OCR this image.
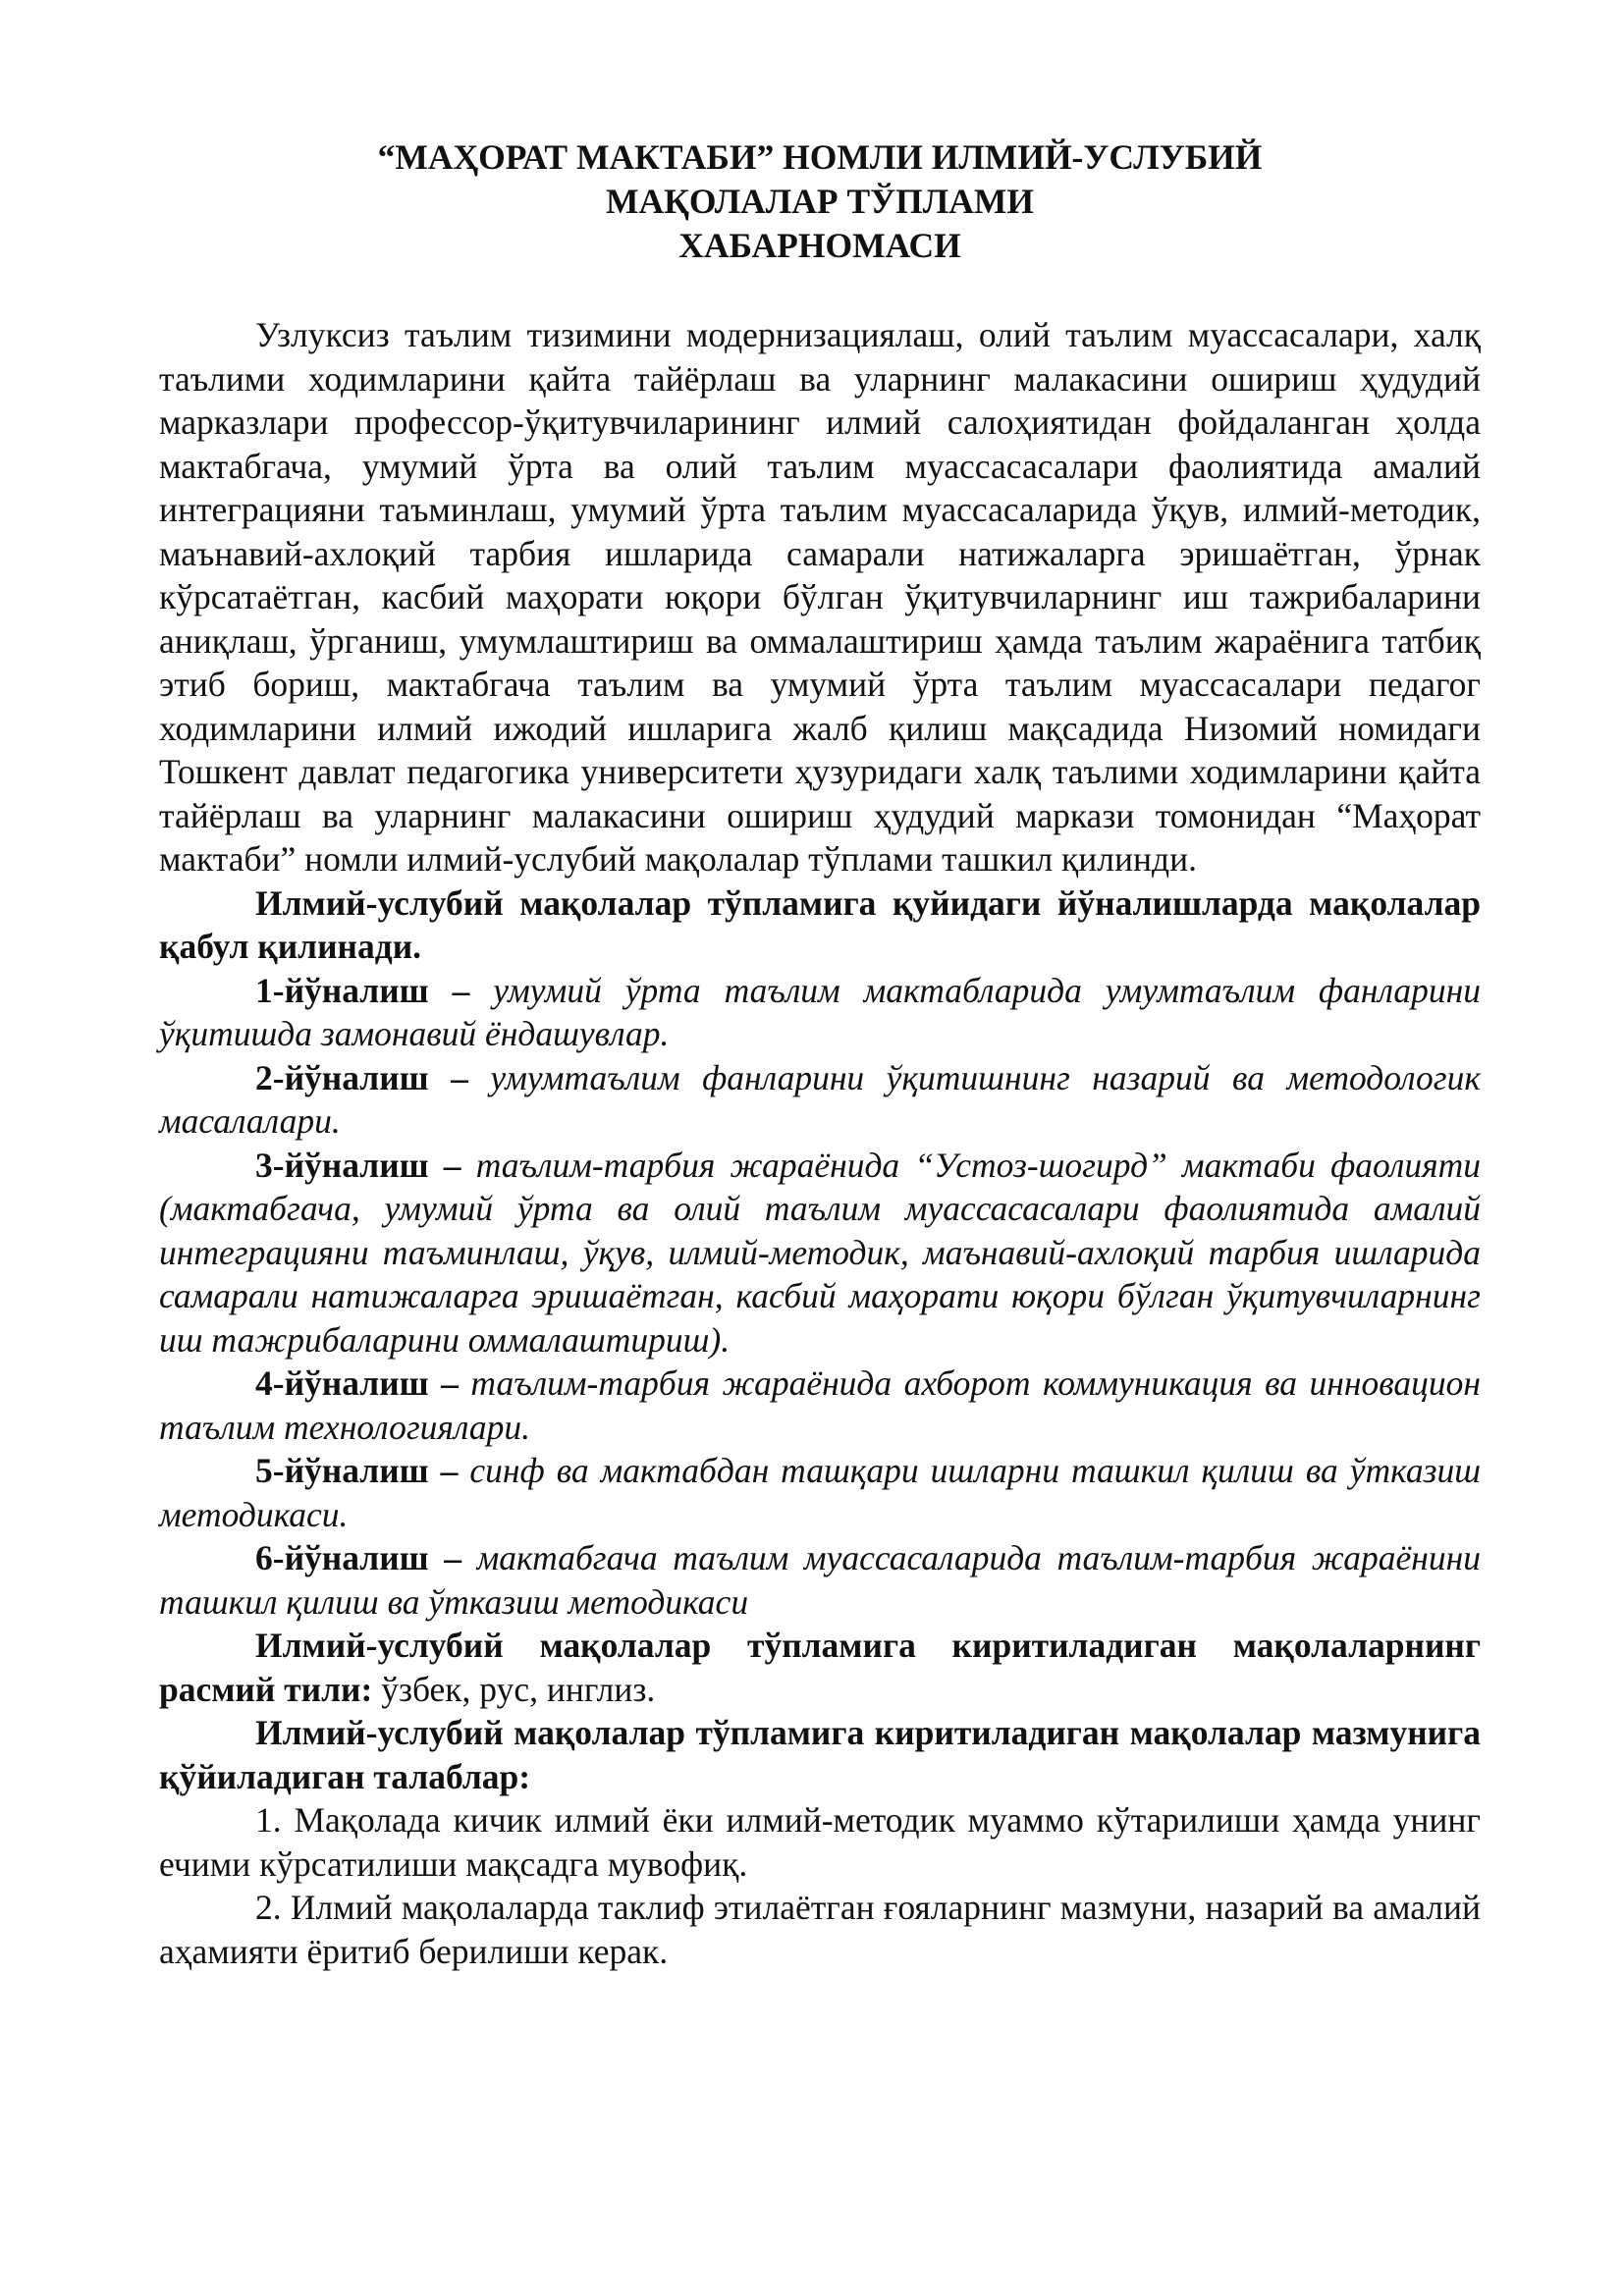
“МАҲОРАТ МАКТАБИ” НОМЛИ ИЛМИЙ-УСЛУБИЙ
МАҚОЛАЛАР ТЎПЛАМИ
ХАБАРНОМАСИ

Узлуксиз таълим тизимини модернизациялаш, олий таълим муассасалари, халқ таълими ходимларини қайта тайёрлаш ва уларнинг малакасини ошириш ҳудудий марказлари профессор-ўқитувчиларининг илмий салоҳиятидан фойдаланган ҳолда мактабгача, умумий ўрта ва олий таълим муассасасалари фаолиятида амалий интеграцияни таъминлаш, умумий ўрта таълим муассасаларида ўқув, илмий-методик, маънавий-ахлоқий тарбия ишларида самарали натижаларга эришаётган, ўрнак кўрсатаётган, касбий маҳорати юқори бўлган ўқитувчиларнинг иш тажрибаларини аниқлаш, ўрганиш, умумлаштириш ва оммалаштириш ҳамда таълим жараёнига татбиқ этиб бориш, мактабгача таълим ва умумий ўрта таълим муассасалари педагог ходимларини илмий ижодий ишларига жалб қилиш мақсадида Низомий номидаги Тошкент давлат педагогика университети ҳузуридаги халқ таълими ходимларини қайта тайёрлаш ва уларнинг малакасини ошириш ҳудудий маркази томонидан “Маҳорат мактаби” номли илмий-услубий мақолалар тўплами ташкил қилинди.

Илмий-услубий мақолалар тўпламига қуйидаги йўналишларда мақолалар қабул қилинади.

1-йўналиш – умумий ўрта таълим мактабларида умумтаълим фанларини ўқитишда замонавий ёндашувлар.

2-йўналиш – умумтаълим фанларини ўқитишнинг назарий ва методологик масалалари.

3-йўналиш – таълим-тарбия жараёнида “Устоз-шогирд” мактаби фаолияти (мактабгача, умумий ўрта ва олий таълим муассасасалари фаолиятида амалий интеграцияни таъминлаш, ўқув, илмий-методик, маънавий-ахлоқий тарбия ишларида самарали натижаларга эришаётган, касбий маҳорати юқори бўлган ўқитувчиларнинг иш тажрибаларини оммалаштириш).

4-йўналиш – таълим-тарбия жараёнида ахборот коммуникация ва инновацион таълим технологиялари.

5-йўналиш – синф ва мактабдан ташқари ишларни ташкил қилиш ва ўтказиш методикаси.

6-йўналиш – мактабгача таълим муассасаларида таълим-тарбия жараёнини ташкил қилиш ва ўтказиш методикаси

Илмий-услубий мақолалар тўпламига киритиладиган мақолаларнинг расмий тили: ўзбек, рус, инглиз.

Илмий-услубий мақолалар тўпламига киритиладиган мақолалар мазмунига қўйиладиган талаблар:

1. Мақолада кичик илмий ёки илмий-методик муаммо кўтарилиши ҳамда унинг ечими кўрсатилиши мақсадга мувофиқ.

2. Илмий мақолаларда таклиф этилаётган ғояларнинг мазмуни, назарий ва амалий аҳамияти ёритиб берилиши керак.
